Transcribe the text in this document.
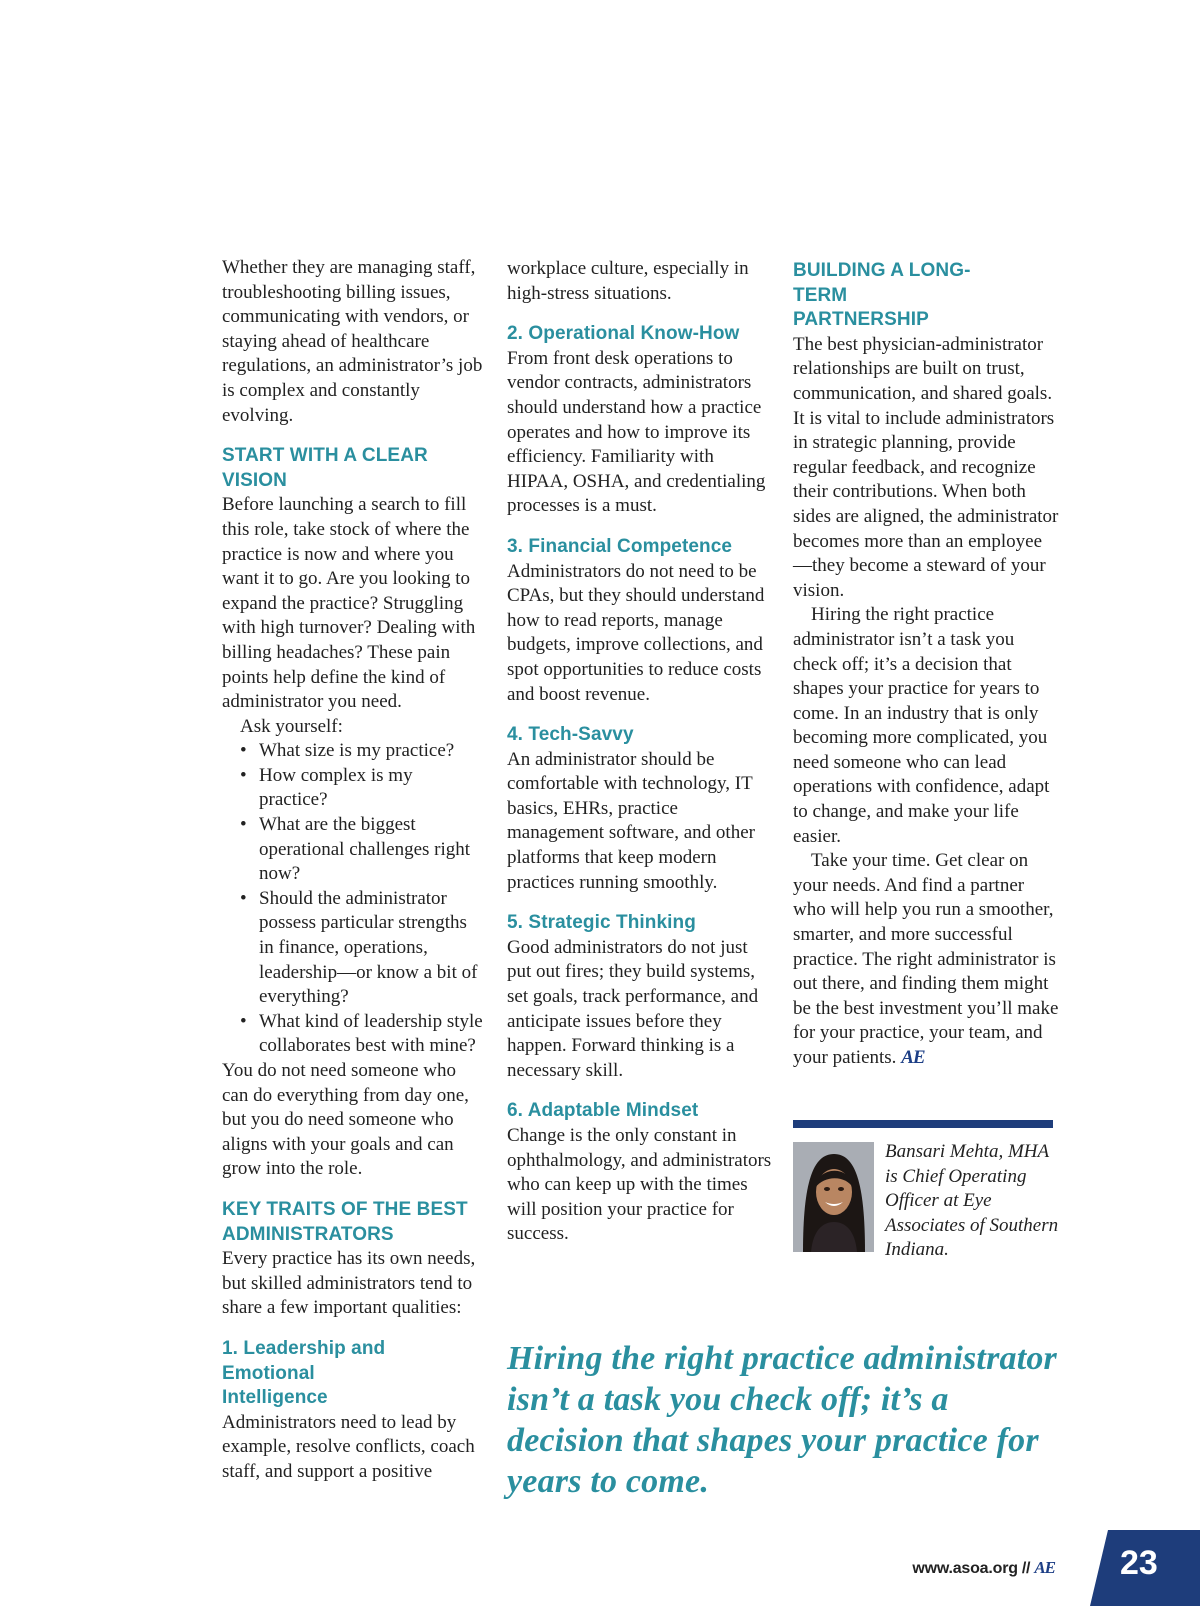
Whether they are managing staff, troubleshooting billing issues, communicating with vendors, or staying ahead of healthcare regulations, an administrator’s job is complex and constantly evolving.

START WITH A CLEAR VISION

Before launching a search to fill this role, take stock of where the practice is now and where you want it to go. Are you looking to expand the practice? Struggling with high turnover? Dealing with billing headaches? These pain points help define the kind of administrator you need.

Ask yourself:

• What size is my practice?
• How complex is my practice?
• What are the biggest operational challenges right now?
• Should the administrator possess particular strengths in finance, operations, leadership—or know a bit of everything?
• What kind of leadership style collaborates best with mine?

You do not need someone who can do everything from day one, but you do need someone who aligns with your goals and can grow into the role.

KEY TRAITS OF THE BEST ADMINISTRATORS

Every practice has its own needs, but skilled administrators tend to share a few important qualities:

1. Leadership and Emotional Intelligence

Administrators need to lead by example, resolve conflicts, coach staff, and support a positive

workplace culture, especially in high-stress situations.

2. Operational Know-How

From front desk operations to vendor contracts, administrators should understand how a practice operates and how to improve its efficiency. Familiarity with HIPAA, OSHA, and credentialing processes is a must.

3. Financial Competence

Administrators do not need to be CPAs, but they should understand how to read reports, manage budgets, improve collections, and spot opportunities to reduce costs and boost revenue.

4. Tech-Savvy

An administrator should be comfortable with technology, IT basics, EHRs, practice management software, and other platforms that keep modern practices running smoothly.

5. Strategic Thinking

Good administrators do not just put out fires; they build systems, set goals, track performance, and anticipate issues before they happen. Forward thinking is a necessary skill.

6. Adaptable Mindset

Change is the only constant in ophthalmology, and administrators who can keep up with the times will position your practice for success.

BUILDING A LONG-TERM PARTNERSHIP

The best physician-administrator relationships are built on trust, communication, and shared goals. It is vital to include administrators in strategic planning, provide regular feedback, and recognize their contributions. When both sides are aligned, the administrator becomes more than an employee—they become a steward of your vision.

Hiring the right practice administrator isn’t a task you check off; it’s a decision that shapes your practice for years to come. In an industry that is only becoming more complicated, you need someone who can lead operations with confidence, adapt to change, and make your life easier.

Take your time. Get clear on your needs. And find a partner who will help you run a smoother, smarter, and more successful practice. The right administrator is out there, and finding them might be the best investment you’ll make for your practice, your team, and your patients. AE

Bansari Mehta, MHA is Chief Operating Officer at Eye Associates of Southern Indiana.
Hiring the right practice administrator isn’t a task you check off; it’s a decision that shapes your practice for years to come.
www.asoa.org // AE 23
